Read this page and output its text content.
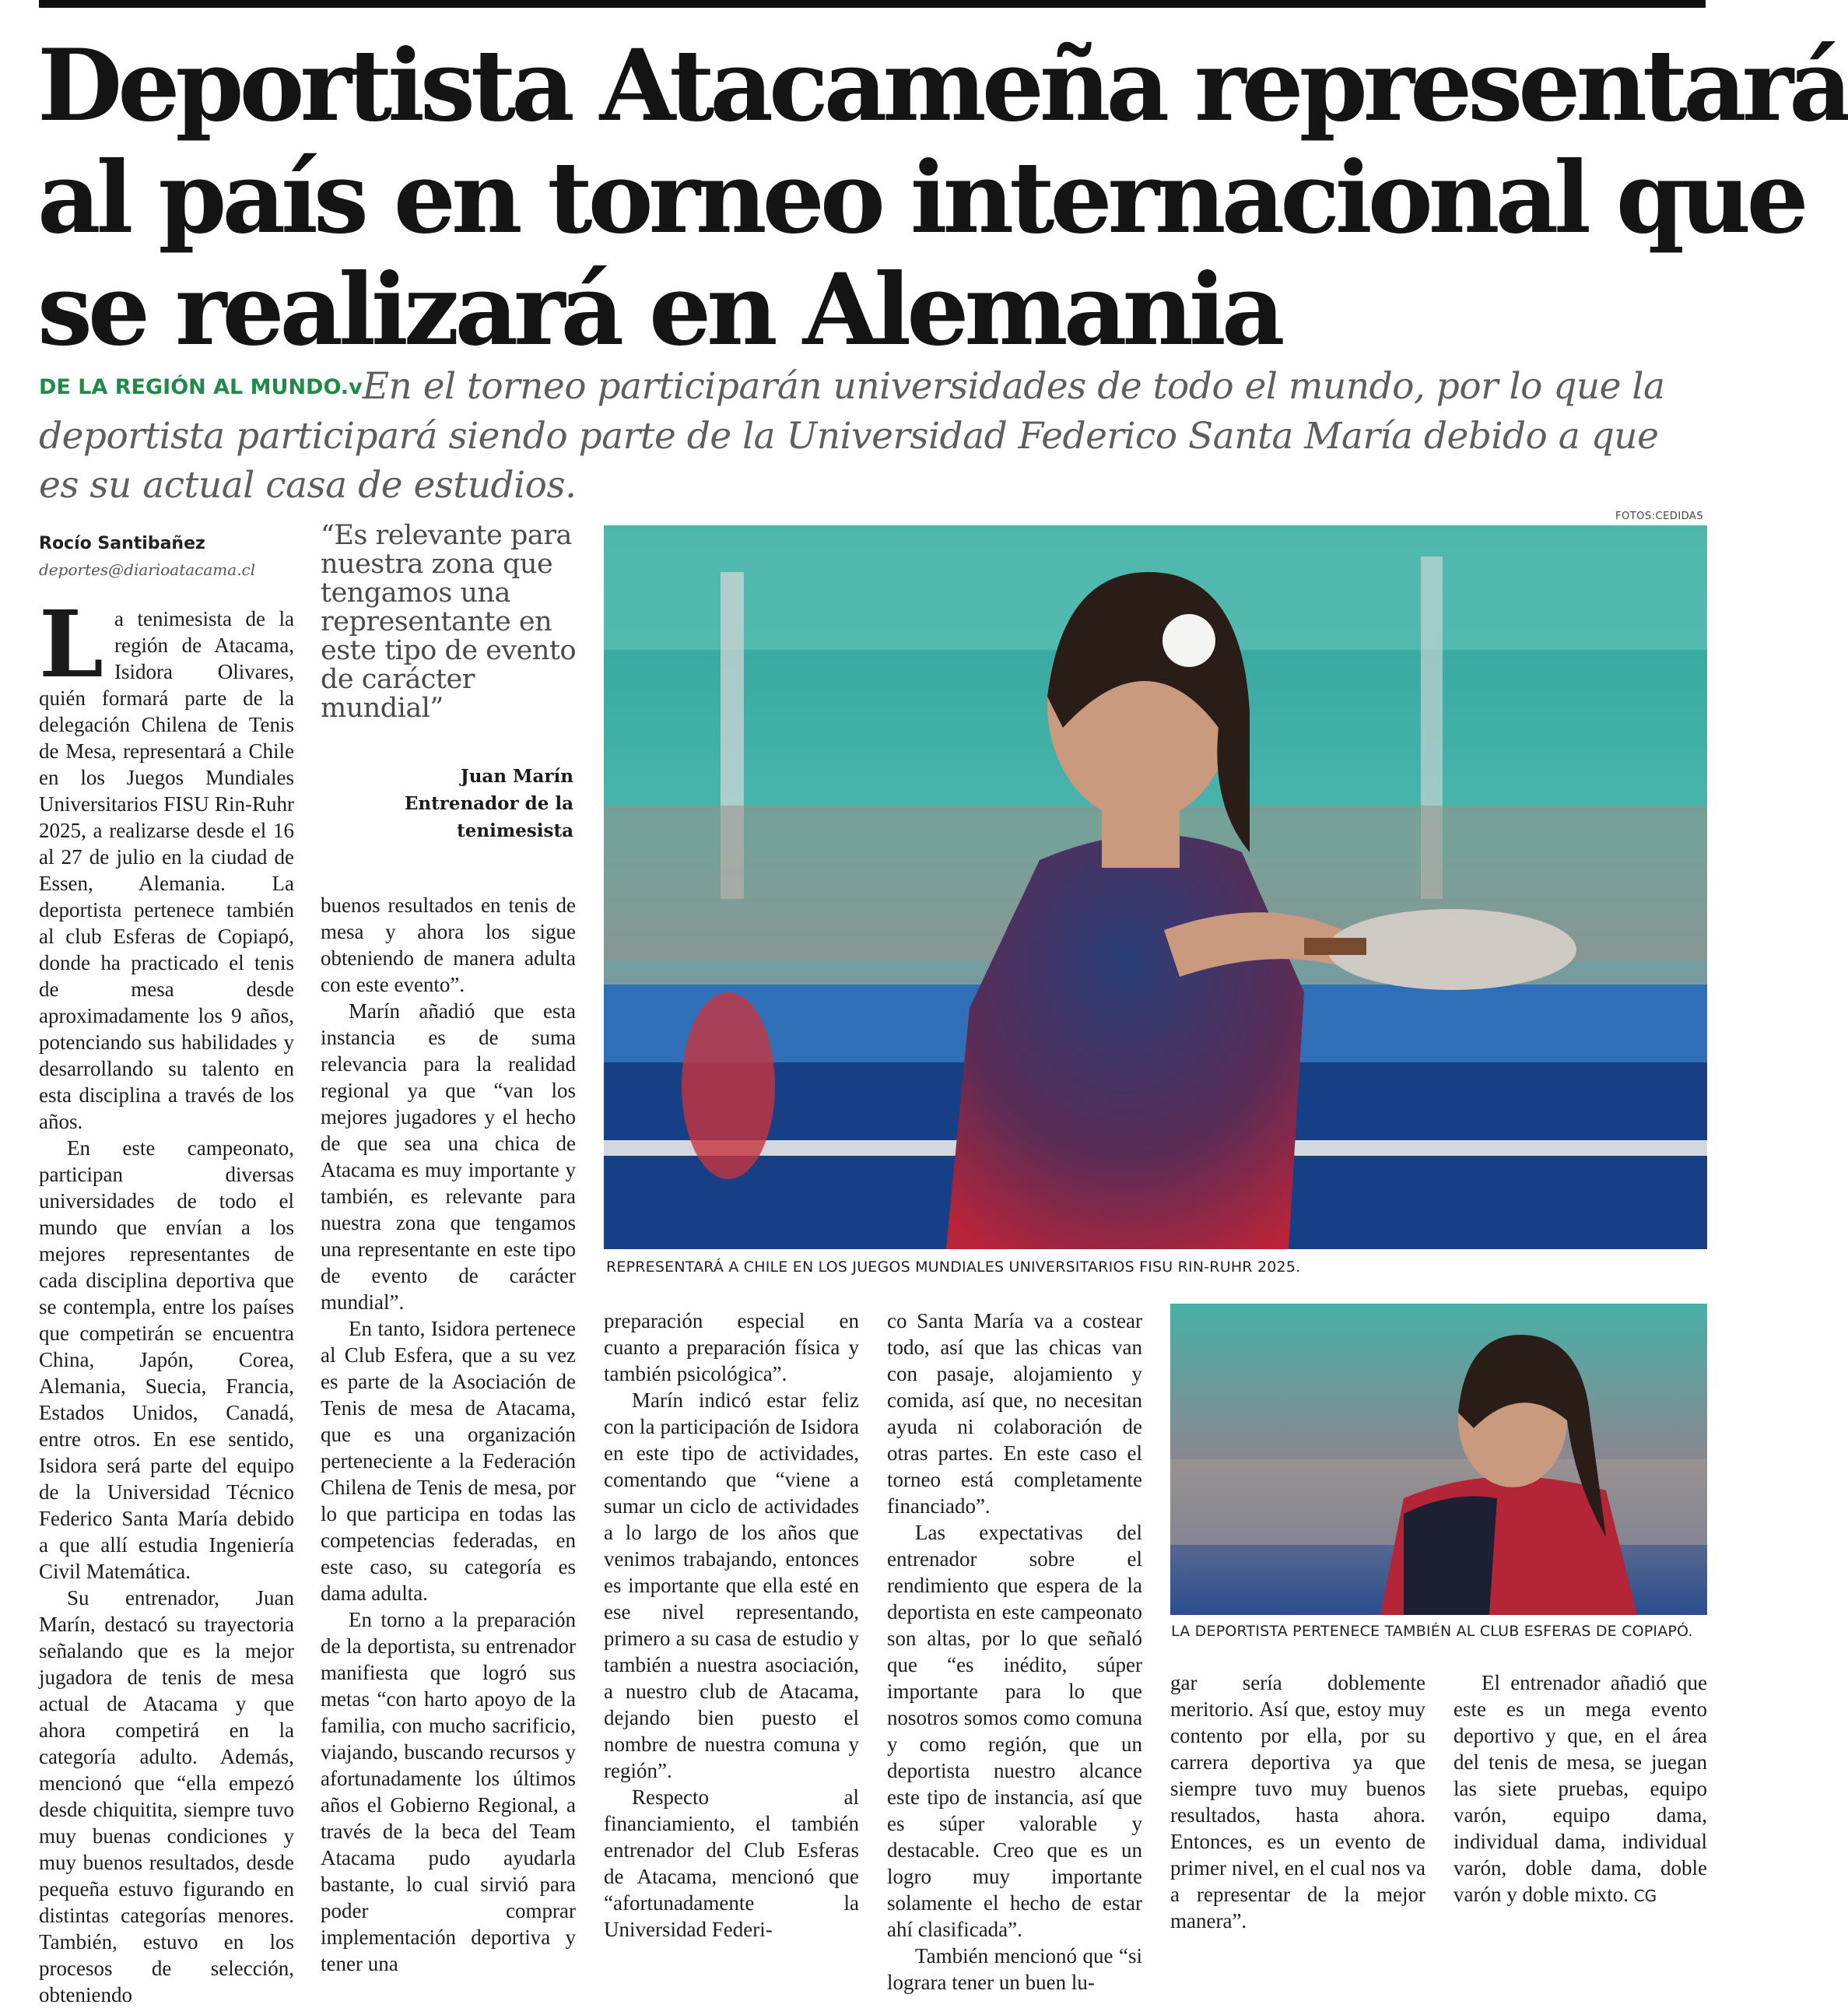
Deportista Atacameña representará
al país en torneo internacional que
se realizará en Alemania
DE LA REGIÓN AL MUNDO.vEn el torneo participarán universidades de todo el mundo, por lo que la deportista participará siendo parte de la Universidad Federico Santa María debido a que es su actual casa de estudios.
FOTOS:CEDIDAS
Rocío Santibañez
deportes@diarioatacama.cl

La tenimesista de la región de Atacama, Isidora Olivares, quién formará parte de la delegación Chilena de Tenis de Mesa, representará a Chile en los Juegos Mundiales Universitarios FISU Rin-Ruhr 2025, a realizarse desde el 16 al 27 de julio en la ciudad de Essen, Alemania. La deportista pertenece también al club Esferas de Copiapó, donde ha practicado el tenis de mesa desde aproximadamente los 9 años, potenciando sus habilidades y desarrollando su talento en esta disciplina a través de los años.

En este campeonato, participan diversas universidades de todo el mundo que envían a los mejores representantes de cada disciplina deportiva que se contempla, entre los países que competirán se encuentra China, Japón, Corea, Alemania, Suecia, Francia, Estados Unidos, Canadá, entre otros. En ese sentido, Isidora será parte del equipo de la Universidad Técnico Federico Santa María debido a que allí estudia Ingeniería Civil Matemática.

Su entrenador, Juan Marín, destacó su trayectoria señalando que es la mejor jugadora de tenis de mesa actual de Atacama y que ahora competirá en la categoría adulto. Además, mencionó que “ella empezó desde chiquitita, siempre tuvo muy buenas condiciones y muy buenos resultados, desde pequeña estuvo figurando en distintas categorías menores. También, estuvo en los procesos de selección, obteniendo

“Es relevante para nuestra zona que tengamos una representante en este tipo de evento de carácter mundial”
Juan Marín
Entrenador de la tenimesista

buenos resultados en tenis de mesa y ahora los sigue obteniendo de manera adulta con este evento”.

Marín añadió que esta instancia es de suma relevancia para la realidad regional ya que “van los mejores jugadores y el hecho de que sea una chica de Atacama es muy importante y también, es relevante para nuestra zona que tengamos una representante en este tipo de evento de carácter mundial”.

En tanto, Isidora pertenece al Club Esfera, que a su vez es parte de la Asociación de Tenis de mesa de Atacama, que es una organización perteneciente a la Federación Chilena de Tenis de mesa, por lo que participa en todas las competencias federadas, en este caso, su categoría es dama adulta.

En torno a la preparación de la deportista, su entrenador manifiesta que logró sus metas “con harto apoyo de la familia, con mucho sacrificio, viajando, buscando recursos y afortunadamente los últimos años el Gobierno Regional, a través de la beca del Team Atacama pudo ayudarla bastante, lo cual sirvió para poder comprar implementación deportiva y tener una

REPRESENTARÁ A CHILE EN LOS JUEGOS MUNDIALES UNIVERSITARIOS FISU RIN-RUHR 2025.

preparación especial en cuanto a preparación física y también psicológica”.

Marín indicó estar feliz con la participación de Isidora en este tipo de actividades, comentando que “viene a sumar un ciclo de actividades a lo largo de los años que venimos trabajando, entonces es importante que ella esté en ese nivel representando, primero a su casa de estudio y también a nuestra asociación, a nuestro club de Atacama, dejando bien puesto el nombre de nuestra comuna y región”.

Respecto al financiamiento, el también entrenador del Club Esferas de Atacama, mencionó que “afortunadamente la Universidad Federi-

co Santa María va a costear todo, así que las chicas van con pasaje, alojamiento y comida, así que, no necesitan ayuda ni colaboración de otras partes. En este caso el torneo está completamente financiado”.

Las expectativas del entrenador sobre el rendimiento que espera de la deportista en este campeonato son altas, por lo que señaló que “es inédito, súper importante para lo que nosotros somos como comuna y como región, que un deportista nuestro alcance este tipo de instancia, así que es súper valorable y destacable. Creo que es un logro muy importante solamente el hecho de estar ahí clasificada”.

También mencionó que “si lograra tener un buen lu-

LA DEPORTISTA PERTENECE TAMBIÉN AL CLUB ESFERAS DE COPIAPÓ.

gar sería doblemente meritorio. Así que, estoy muy contento por ella, por su carrera deportiva ya que siempre tuvo muy buenos resultados, hasta ahora. Entonces, es un evento de primer nivel, en el cual nos va a representar de la mejor manera”.

El entrenador añadió que este es un mega evento deportivo y que, en el área del tenis de mesa, se juegan las siete pruebas, equipo varón, equipo dama, individual dama, individual varón, doble dama, doble varón y doble mixto. CG
